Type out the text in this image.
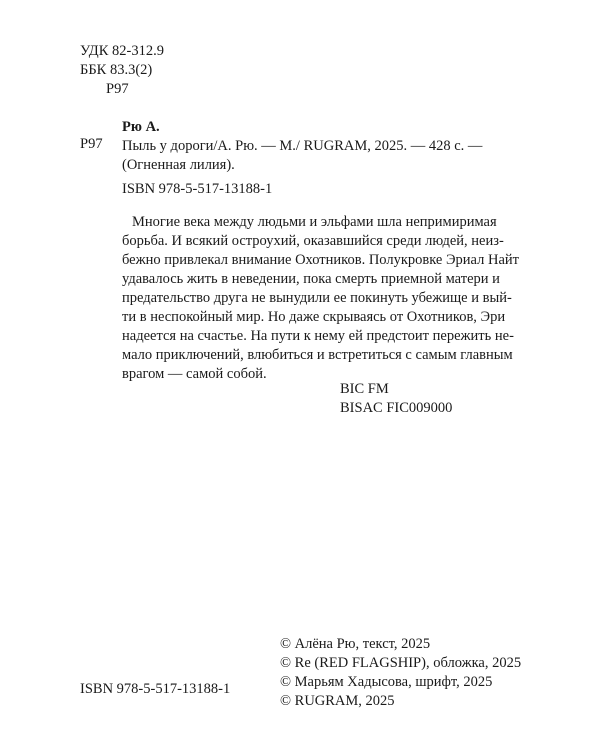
УДК 82-312.9
ББК 83.3(2)
Р97
Р97
Рю А.
Пыль у дороги/А. Рю. — М./ RUGRAM, 2025. — 428 с. —
(Огненная лилия).
ISBN 978-5-517-13188-1
Многие века между людьми и эльфами шла непримиримая
борьба. И всякий остроухий, оказавшийся среди людей, неиз-
бежно привлекал внимание Охотников. Полукровке Эриал Найт
удавалось жить в неведении, пока смерть приемной матери и
предательство друга не вынудили ее покинуть убежище и вый-
ти в неспокойный мир. Но даже скрываясь от Охотников, Эри
надеется на счастье. На пути к нему ей предстоит пережить не-
мало приключений, влюбиться и встретиться с самым главным
врагом — самой собой.
BIC FM
BISAC FIC009000
© Алёна Рю, текст, 2025
© Re (RED FLAGSHIP), обложка, 2025
© Марьям Хадысова, шрифт, 2025
© RUGRAM, 2025
ISBN 978-5-517-13188-1
